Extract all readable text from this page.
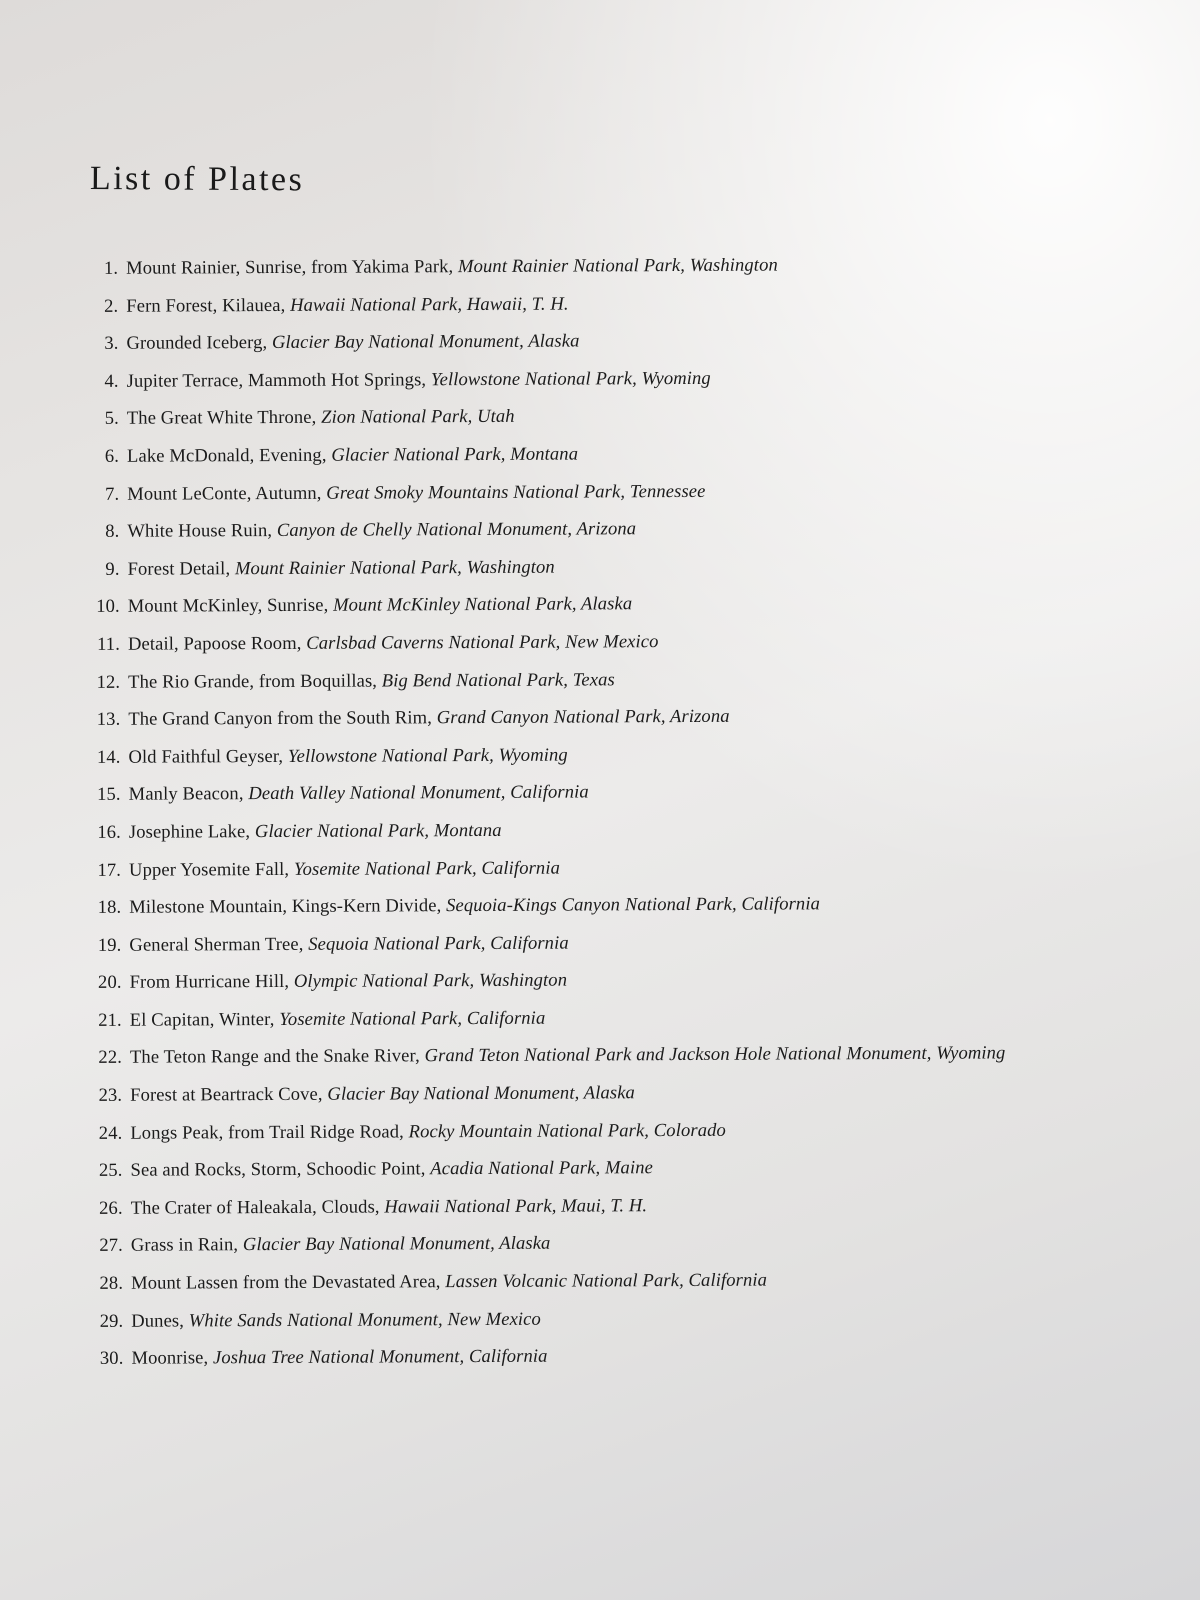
List of Plates
1. Mount Rainier, Sunrise, from Yakima Park, Mount Rainier National Park, Washington
2. Fern Forest, Kilauea, Hawaii National Park, Hawaii, T. H.
3. Grounded Iceberg, Glacier Bay National Monument, Alaska
4. Jupiter Terrace, Mammoth Hot Springs, Yellowstone National Park, Wyoming
5. The Great White Throne, Zion National Park, Utah
6. Lake McDonald, Evening, Glacier National Park, Montana
7. Mount LeConte, Autumn, Great Smoky Mountains National Park, Tennessee
8. White House Ruin, Canyon de Chelly National Monument, Arizona
9. Forest Detail, Mount Rainier National Park, Washington
10. Mount McKinley, Sunrise, Mount McKinley National Park, Alaska
11. Detail, Papoose Room, Carlsbad Caverns National Park, New Mexico
12. The Rio Grande, from Boquillas, Big Bend National Park, Texas
13. The Grand Canyon from the South Rim, Grand Canyon National Park, Arizona
14. Old Faithful Geyser, Yellowstone National Park, Wyoming
15. Manly Beacon, Death Valley National Monument, California
16. Josephine Lake, Glacier National Park, Montana
17. Upper Yosemite Fall, Yosemite National Park, California
18. Milestone Mountain, Kings-Kern Divide, Sequoia-Kings Canyon National Park, California
19. General Sherman Tree, Sequoia National Park, California
20. From Hurricane Hill, Olympic National Park, Washington
21. El Capitan, Winter, Yosemite National Park, California
22. The Teton Range and the Snake River, Grand Teton National Park and Jackson Hole National Monument, Wyoming
23. Forest at Beartrack Cove, Glacier Bay National Monument, Alaska
24. Longs Peak, from Trail Ridge Road, Rocky Mountain National Park, Colorado
25. Sea and Rocks, Storm, Schoodic Point, Acadia National Park, Maine
26. The Crater of Haleakala, Clouds, Hawaii National Park, Maui, T. H.
27. Grass in Rain, Glacier Bay National Monument, Alaska
28. Mount Lassen from the Devastated Area, Lassen Volcanic National Park, California
29. Dunes, White Sands National Monument, New Mexico
30. Moonrise, Joshua Tree National Monument, California
